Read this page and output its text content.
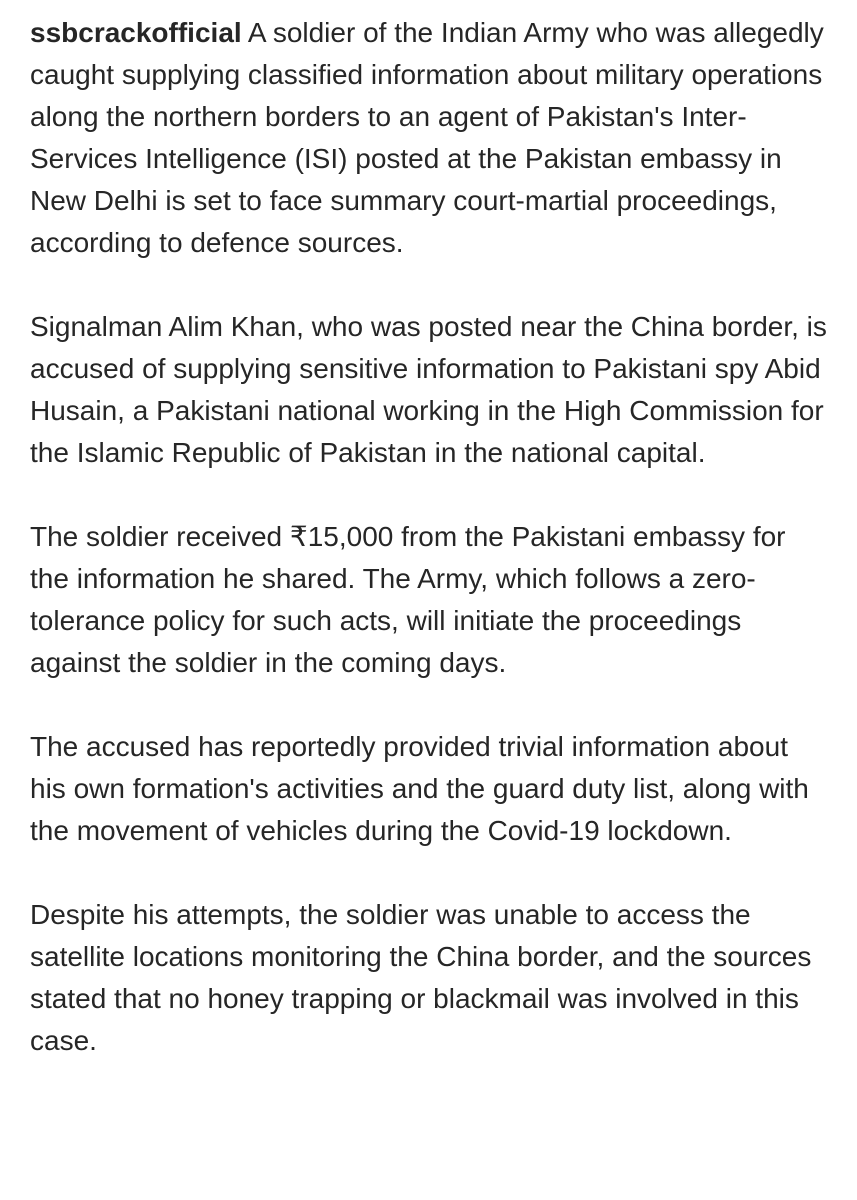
ssbcrackofficial A soldier of the Indian Army who was allegedly caught supplying classified information about military operations along the northern borders to an agent of Pakistan's Inter-Services Intelligence (ISI) posted at the Pakistan embassy in New Delhi is set to face summary court-martial proceedings, according to defence sources.

Signalman Alim Khan, who was posted near the China border, is accused of supplying sensitive information to Pakistani spy Abid Husain, a Pakistani national working in the High Commission for the Islamic Republic of Pakistan in the national capital.

The soldier received ₹15,000 from the Pakistani embassy for the information he shared. The Army, which follows a zero-tolerance policy for such acts, will initiate the proceedings against the soldier in the coming days.

The accused has reportedly provided trivial information about his own formation's activities and the guard duty list, along with the movement of vehicles during the Covid-19 lockdown.

Despite his attempts, the soldier was unable to access the satellite locations monitoring the China border, and the sources stated that no honey trapping or blackmail was involved in this case.
